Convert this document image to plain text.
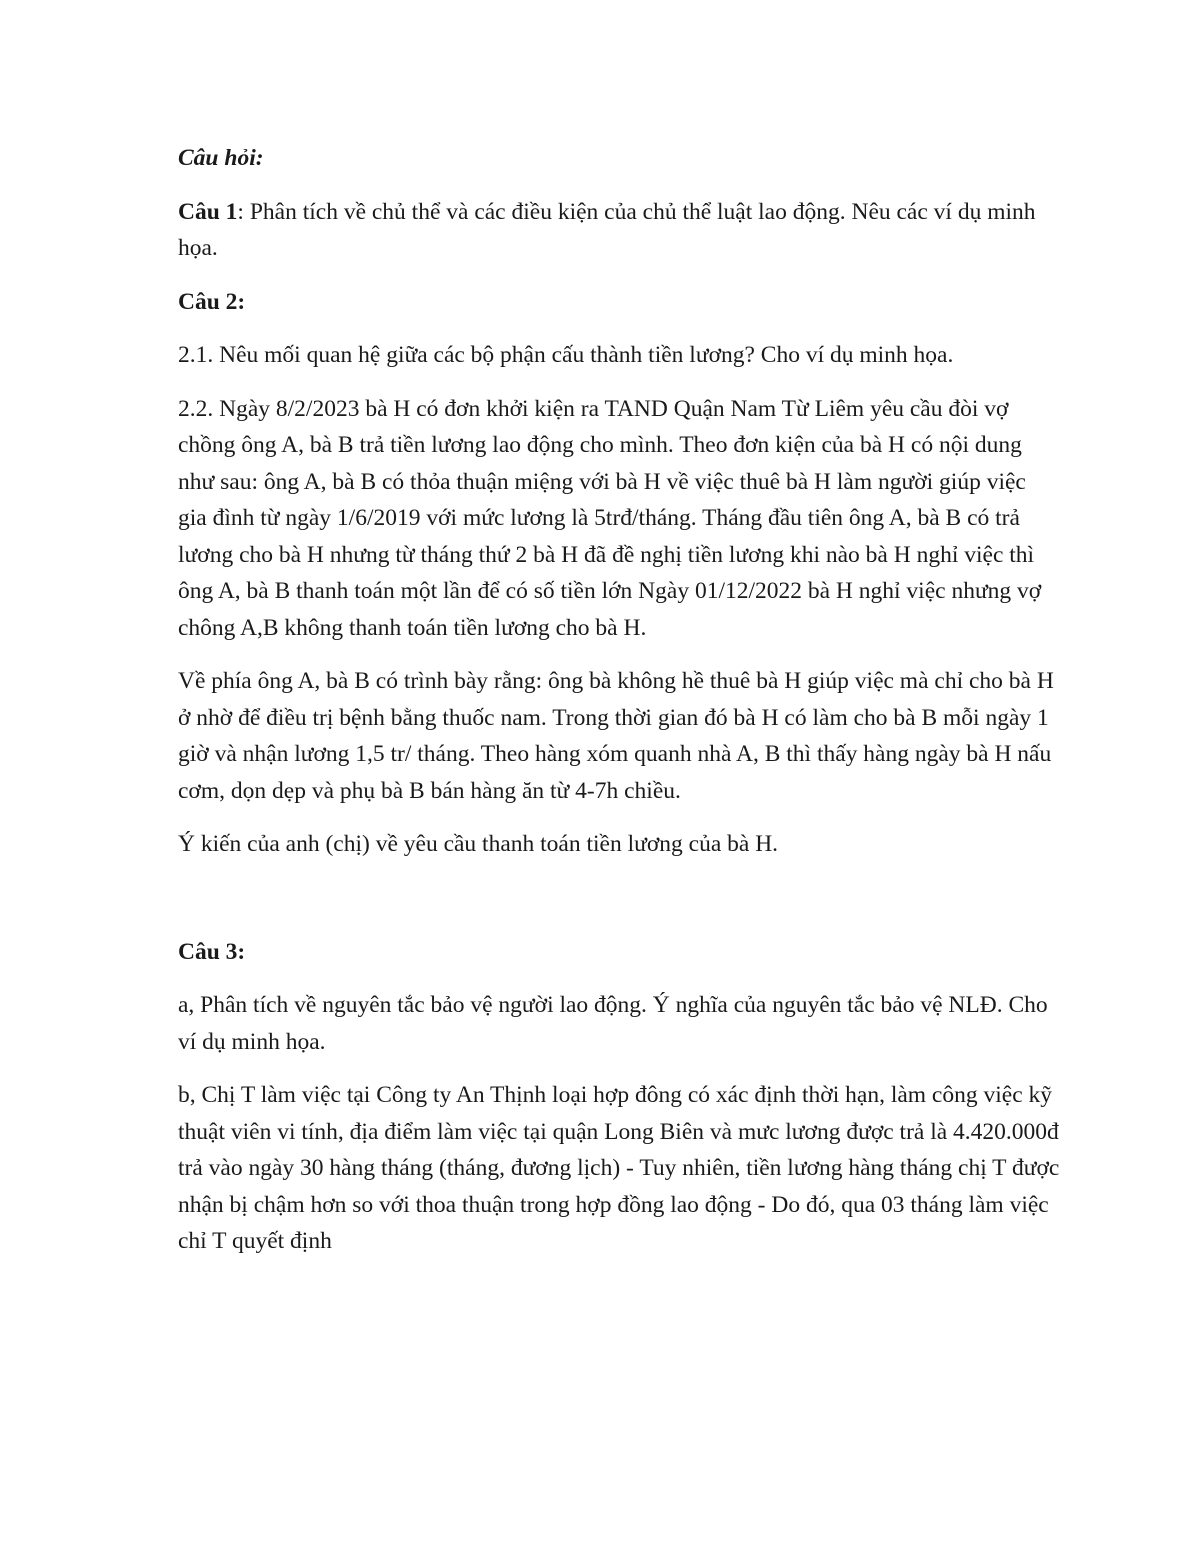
Câu hỏi:

Câu 1: Phân tích về chủ thể và các điều kiện của chủ thể luật lao động. Nêu các ví dụ minh họa.

Câu 2:

2.1. Nêu mối quan hệ giữa các bộ phận cấu thành tiền lương? Cho ví dụ minh họa.

2.2. Ngày 8/2/2023 bà H có đơn khởi kiện ra TAND Quận Nam Từ Liêm yêu cầu đòi vợ chồng ông A, bà B trả tiền lương lao động cho mình. Theo đơn kiện của bà H có nội dung như sau: ông A, bà B có thỏa thuận miệng với bà H về việc thuê bà H làm người giúp việc gia đình từ ngày 1/6/2019 với mức lương là 5trđ/tháng. Tháng đầu tiên ông A, bà B có trả lương cho bà H nhưng từ tháng thứ 2 bà H đã đề nghị tiền lương khi nào bà H nghỉ việc thì ông A, bà B thanh toán một lần để có số tiền lớn Ngày 01/12/2022 bà H nghỉ việc nhưng vợ chông A,B không thanh toán tiền lương cho bà H.

Về phía ông A, bà B có trình bày rằng: ông bà không hề thuê bà H giúp việc mà chỉ cho bà H ở nhờ để điều trị bệnh bằng thuốc nam. Trong thời gian đó bà H có làm cho bà B mỗi ngày 1 giờ và nhận lương 1,5 tr/ tháng. Theo hàng xóm quanh nhà A, B thì thấy hàng ngày bà H nấu cơm, dọn dẹp và phụ bà B bán hàng ăn từ 4-7h chiều.

Ý kiến của anh (chị) về yêu cầu thanh toán tiền lương của bà H.

Câu 3:

a, Phân tích về nguyên tắc bảo vệ người lao động. Ý nghĩa của nguyên tắc bảo vệ NLĐ. Cho ví dụ minh họa.

b, Chị T làm việc tại Công ty An Thịnh loại hợp đông có xác định thời hạn, làm công việc kỹ thuật viên vi tính, địa điểm làm việc tại quận Long Biên và mưc lương được trả là 4.420.000đ trả vào ngày 30 hàng tháng (tháng, đương lịch) - Tuy nhiên, tiền lương hàng tháng chị T được nhận bị chậm hơn so với thoa thuận trong hợp đồng lao động - Do đó, qua 03 tháng làm việc chỉ T quyết định
